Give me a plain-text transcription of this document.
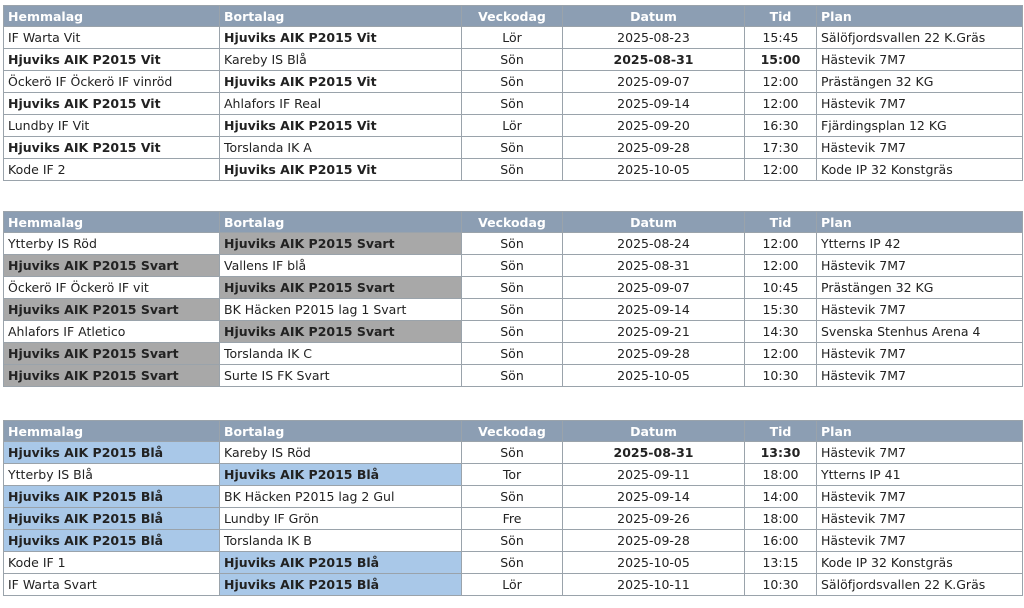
Hemmalag	Bortalag	Veckodag	Datum	Tid	Plan
IF Warta Vit	Hjuviks AIK P2015 Vit	Lör	2025-08-23	15:45	Sälöfjordsvallen 22 K.Gräs
Hjuviks AIK P2015 Vit	Kareby IS Blå	Sön	2025-08-31	15:00	Hästevik 7M7
Öckerö IF Öckerö IF vinröd	Hjuviks AIK P2015 Vit	Sön	2025-09-07	12:00	Prästängen 32 KG
Hjuviks AIK P2015 Vit	Ahlafors IF Real	Sön	2025-09-14	12:00	Hästevik 7M7
Lundby IF Vit	Hjuviks AIK P2015 Vit	Lör	2025-09-20	16:30	Fjärdingsplan 12 KG
Hjuviks AIK P2015 Vit	Torslanda IK A	Sön	2025-09-28	17:30	Hästevik 7M7
Kode IF 2	Hjuviks AIK P2015 Vit	Sön	2025-10-05	12:00	Kode IP 32 Konstgräs
Hemmalag	Bortalag	Veckodag	Datum	Tid	Plan
Ytterby IS Röd	Hjuviks AIK P2015 Svart	Sön	2025-08-24	12:00	Ytterns IP 42
Hjuviks AIK P2015 Svart	Vallens IF blå	Sön	2025-08-31	12:00	Hästevik 7M7
Öckerö IF Öckerö IF vit	Hjuviks AIK P2015 Svart	Sön	2025-09-07	10:45	Prästängen 32 KG
Hjuviks AIK P2015 Svart	BK Häcken P2015 lag 1 Svart	Sön	2025-09-14	15:30	Hästevik 7M7
Ahlafors IF Atletico	Hjuviks AIK P2015 Svart	Sön	2025-09-21	14:30	Svenska Stenhus Arena 4
Hjuviks AIK P2015 Svart	Torslanda IK C	Sön	2025-09-28	12:00	Hästevik 7M7
Hjuviks AIK P2015 Svart	Surte IS FK Svart	Sön	2025-10-05	10:30	Hästevik 7M7
Hemmalag	Bortalag	Veckodag	Datum	Tid	Plan
Hjuviks AIK P2015 Blå	Kareby IS Röd	Sön	2025-08-31	13:30	Hästevik 7M7
Ytterby IS Blå	Hjuviks AIK P2015 Blå	Tor	2025-09-11	18:00	Ytterns IP 41
Hjuviks AIK P2015 Blå	BK Häcken P2015 lag 2 Gul	Sön	2025-09-14	14:00	Hästevik 7M7
Hjuviks AIK P2015 Blå	Lundby IF Grön	Fre	2025-09-26	18:00	Hästevik 7M7
Hjuviks AIK P2015 Blå	Torslanda IK B	Sön	2025-09-28	16:00	Hästevik 7M7
Kode IF 1	Hjuviks AIK P2015 Blå	Sön	2025-10-05	13:15	Kode IP 32 Konstgräs
IF Warta Svart	Hjuviks AIK P2015 Blå	Lör	2025-10-11	10:30	Sälöfjordsvallen 22 K.Gräs
